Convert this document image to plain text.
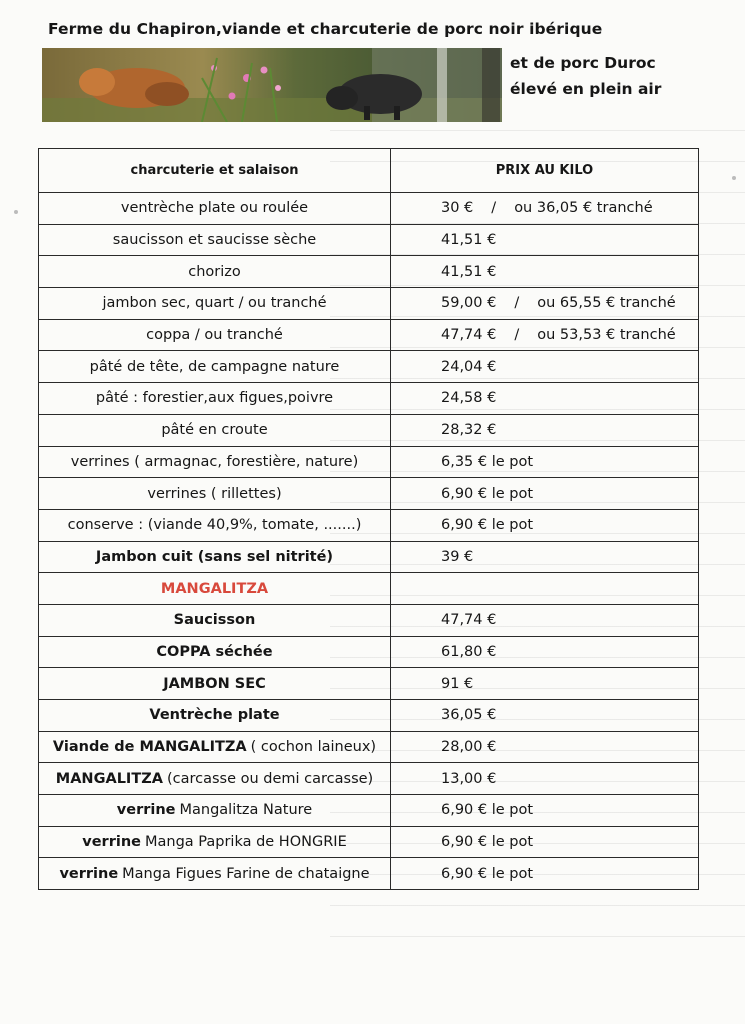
Ferme du Chapiron,viande et charcuterie de porc noir ibérique
et de porc Duroc
élevé en plein air
charcuterie et salaison	PRIX AU KILO
ventrèche plate ou roulée	30 € / ou 36,05 € tranché
saucisson et saucisse sèche	41,51 €
chorizo	41,51 €
jambon sec, quart / ou tranché	59,00 € / ou 65,55 € tranché
coppa / ou tranché	47,74 € / ou 53,53 € tranché
pâté de tête, de campagne nature	24,04 €
pâté : forestier,aux figues,poivre	24,58 €
pâté en croute	28,32 €
verrines ( armagnac, forestière, nature)	6,35 € le pot
verrines ( rillettes)	6,90 € le pot
conserve : (viande 40,9%, tomate, .......)	6,90 € le pot
Jambon cuit (sans sel nitrité)	39 €
MANGALITZA	
Saucisson	47,74 €
COPPA séchée	61,80 €
JAMBON SEC	91 €
Ventrèche plate	36,05 €
Viande de MANGALITZA ( cochon laineux)	28,00 €
MANGALITZA (carcasse ou demi carcasse)	13,00 €
verrine Mangalitza Nature	6,90 € le pot
verrine Manga Paprika de HONGRIE	6,90 € le pot
verrine Manga Figues Farine de chataigne	6,90 € le pot
